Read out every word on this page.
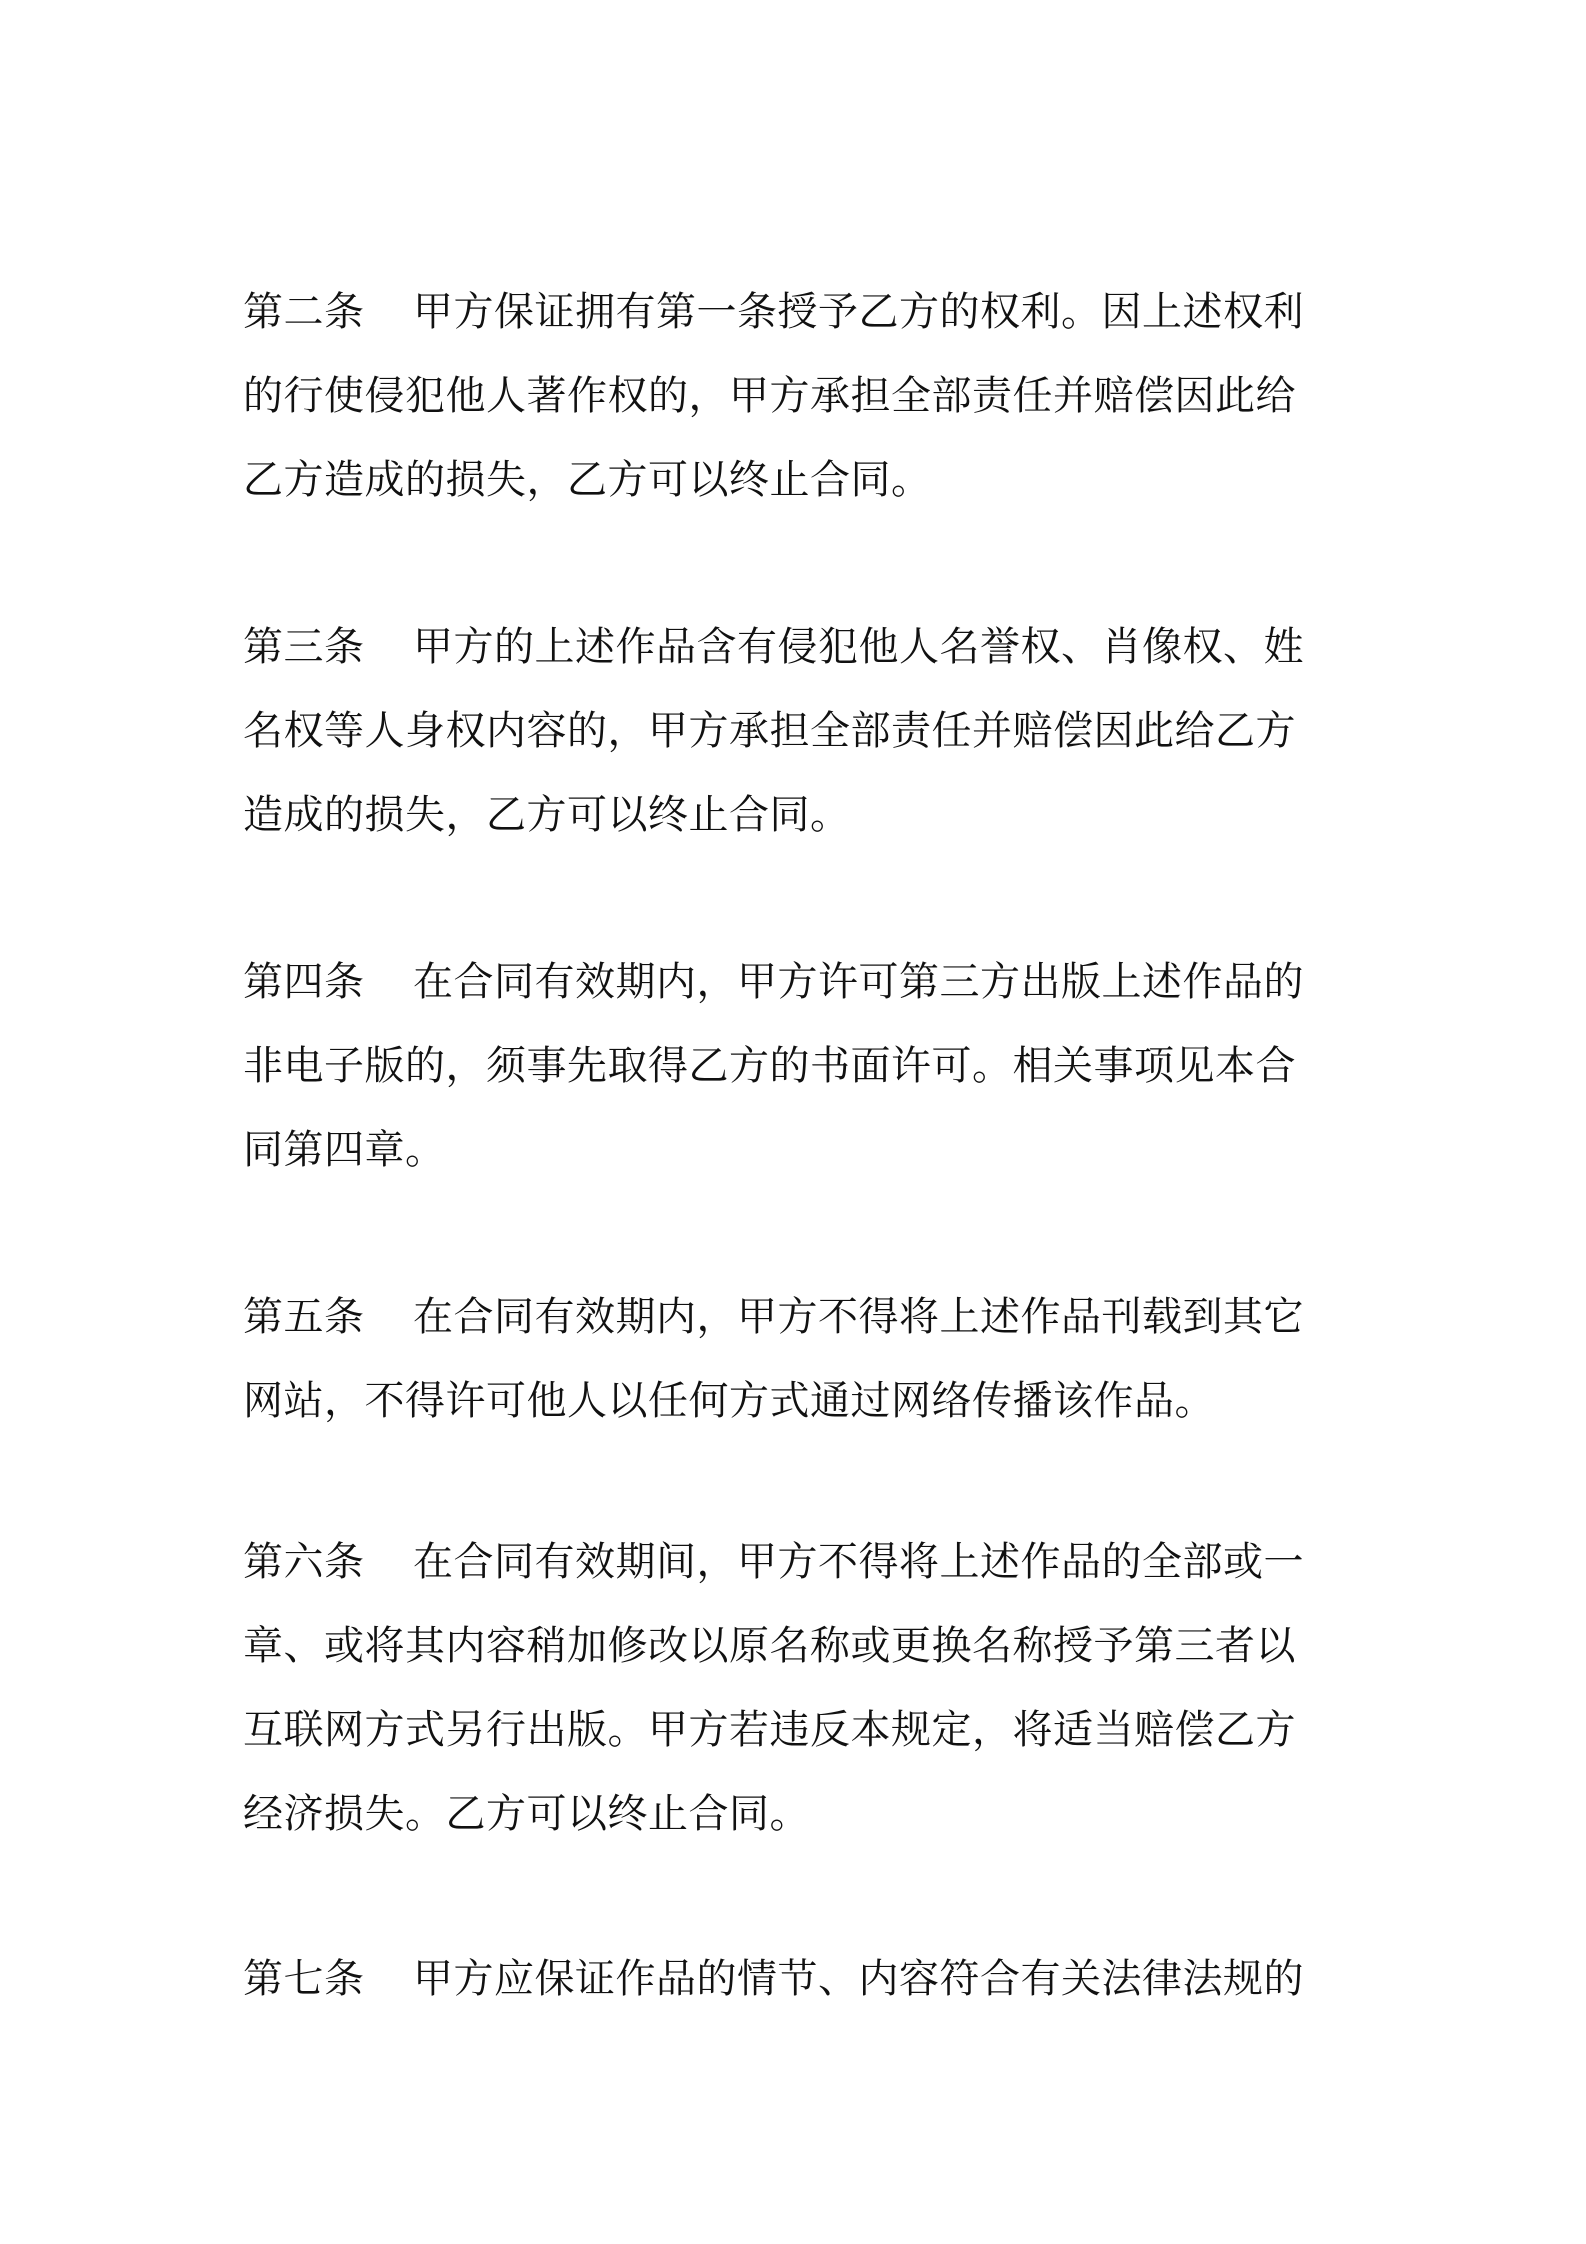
第二条 甲方保证拥有第一条授予乙方的权利。因上述权利
的行使侵犯他人著作权的，甲方承担全部责任并赔偿因此给
乙方造成的损失，乙方可以终止合同。
第三条 甲方的上述作品含有侵犯他人名誉权、肖像权、姓
名权等人身权内容的，甲方承担全部责任并赔偿因此给乙方
造成的损失，乙方可以终止合同。
第四条 在合同有效期内，甲方许可第三方出版上述作品的
非电子版的，须事先取得乙方的书面许可。相关事项见本合
同第四章。
第五条 在合同有效期内，甲方不得将上述作品刊载到其它
网站，不得许可他人以任何方式通过网络传播该作品。
第六条 在合同有效期间，甲方不得将上述作品的全部或一
章、或将其内容稍加修改以原名称或更换名称授予第三者以
互联网方式另行出版。甲方若违反本规定，将适当赔偿乙方
经济损失。乙方可以终止合同。
第七条 甲方应保证作品的情节、内容符合有关法律法规的
